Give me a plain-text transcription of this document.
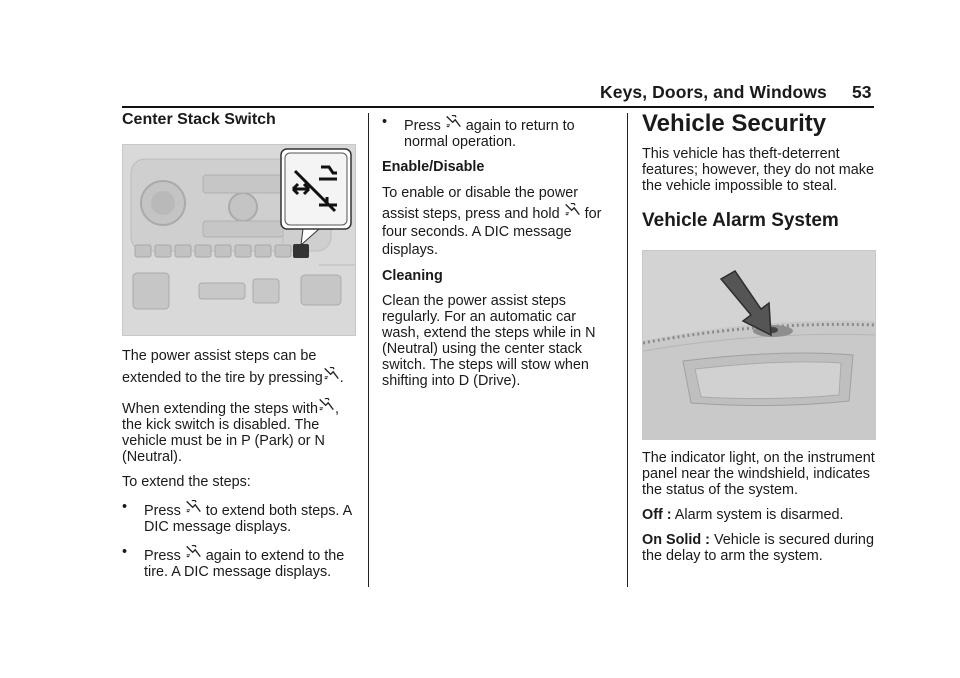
Keys, Doors, and Windows 53
Center Stack Switch

The power assist steps can be extended to the tire by pressing .

When extending the steps with , the kick switch is disabled. The vehicle must be in P (Park) or N (Neutral).

To extend the steps:

• Press to extend both steps. A DIC message displays.
• Press again to extend to the tire. A DIC message displays.
• Press again to return to normal operation.

Enable/Disable

To enable or disable the power assist steps, press and hold for four seconds. A DIC message displays.

Cleaning

Clean the power assist steps regularly. For an automatic car wash, extend the steps while in N (Neutral) using the center stack switch. The steps will stow when shifting into D (Drive).

Vehicle Security

This vehicle has theft-deterrent features; however, they do not make the vehicle impossible to steal.

Vehicle Alarm System

The indicator light, on the instrument panel near the windshield, indicates the status of the system.

Off : Alarm system is disarmed.

On Solid : Vehicle is secured during the delay to arm the system.
